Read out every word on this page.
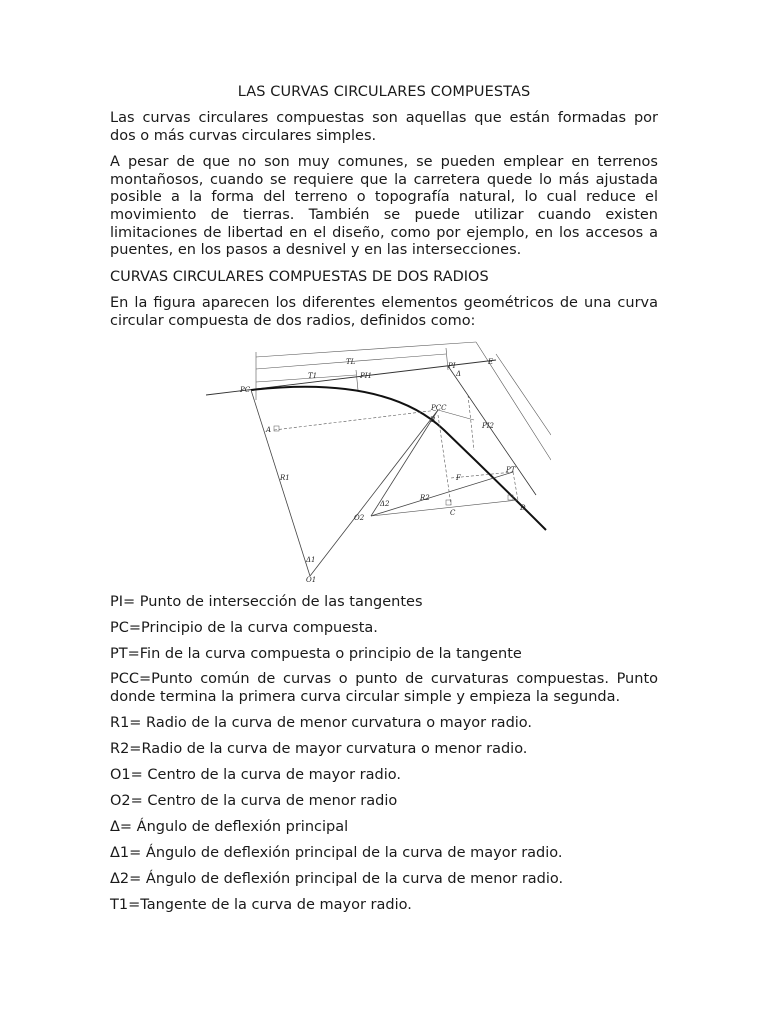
LAS CURVAS CIRCULARES COMPUESTAS

Las curvas circulares compuestas son aquellas que están formadas por dos o más curvas circulares simples.

A pesar de que no son muy comunes, se pueden emplear en terrenos montañosos, cuando se requiere que la carretera quede lo más ajustada posible a la forma del terreno o topografía natural, lo cual reduce el movimiento de tierras. También se puede utilizar cuando existen limitaciones de libertad en el diseño, como por ejemplo, en los accesos a puentes, en los pasos a desnivel y en las intersecciones.

CURVAS CIRCULARES COMPUESTAS DE DOS RADIOS

En la figura aparecen los diferentes elementos geométricos de una curva circular compuesta de dos radios, definidos como:

PC
PCC
PT
PI
PI1
PI2
O1
O2
A
B
C
D
E
F
T1
TL
R1
R2
Δ
Δ1
Δ2

PI= Punto de intersección de las tangentes

PC=Principio de la curva compuesta.

PT=Fin de la curva compuesta o principio de la tangente

PCC=Punto común de curvas o punto de curvaturas compuestas. Punto donde termina la primera curva circular simple y empieza la segunda.

R1= Radio de la curva de menor curvatura o mayor radio.

R2=Radio de la curva de mayor curvatura o menor radio.

O1= Centro de la curva de mayor radio.

O2= Centro de la curva de menor radio

Δ= Ángulo de deflexión principal

Δ1= Ángulo de deflexión principal de la curva de mayor radio.

Δ2= Ángulo de deflexión principal de la curva de menor radio.

T1=Tangente de la curva de mayor radio.
